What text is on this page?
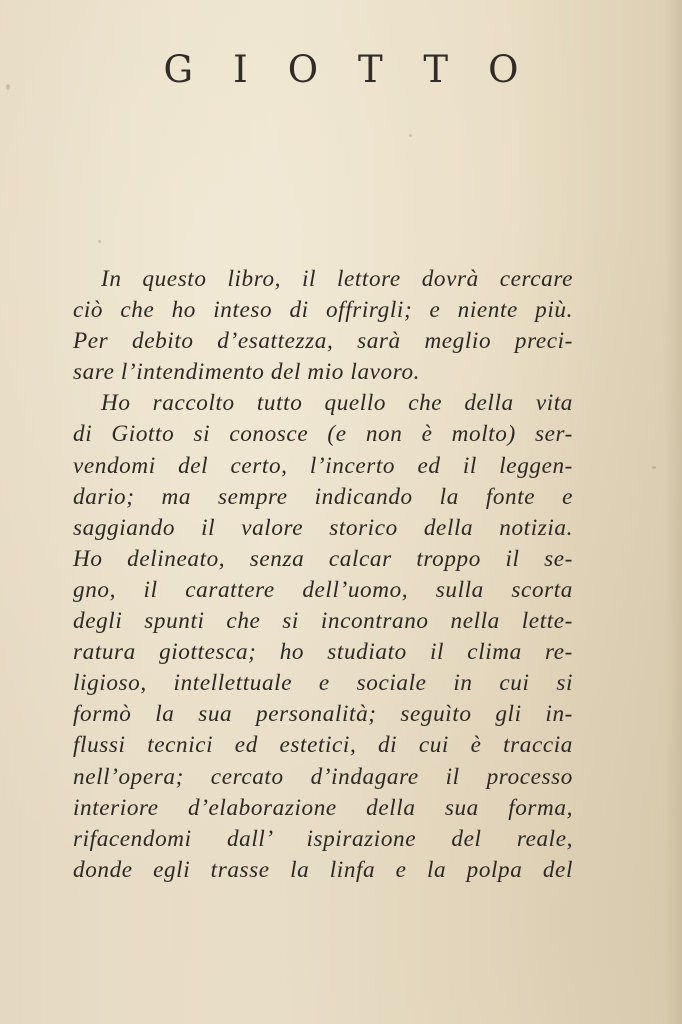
GIOTTO
In questo libro, il lettore dovrà cercare
ciò che ho inteso di offrirgli; e niente più.
Per debito d’esattezza, sarà meglio preci-
sare l’intendimento del mio lavoro.
Ho raccolto tutto quello che della vita
di Giotto si conosce (e non è molto) ser-
vendomi del certo, l’incerto ed il leggen-
dario; ma sempre indicando la fonte e
saggiando il valore storico della notizia.
Ho delineato, senza calcar troppo il se-
gno, il carattere dell’uomo, sulla scorta
degli spunti che si incontrano nella lette-
ratura giottesca; ho studiato il clima re-
ligioso, intellettuale e sociale in cui si
formò la sua personalità; seguìto gli in-
flussi tecnici ed estetici, di cui è traccia
nell’opera; cercato d’indagare il processo
interiore d’elaborazione della sua forma,
rifacendomi dall’ ispirazione del reale,
donde egli trasse la linfa e la polpa del
